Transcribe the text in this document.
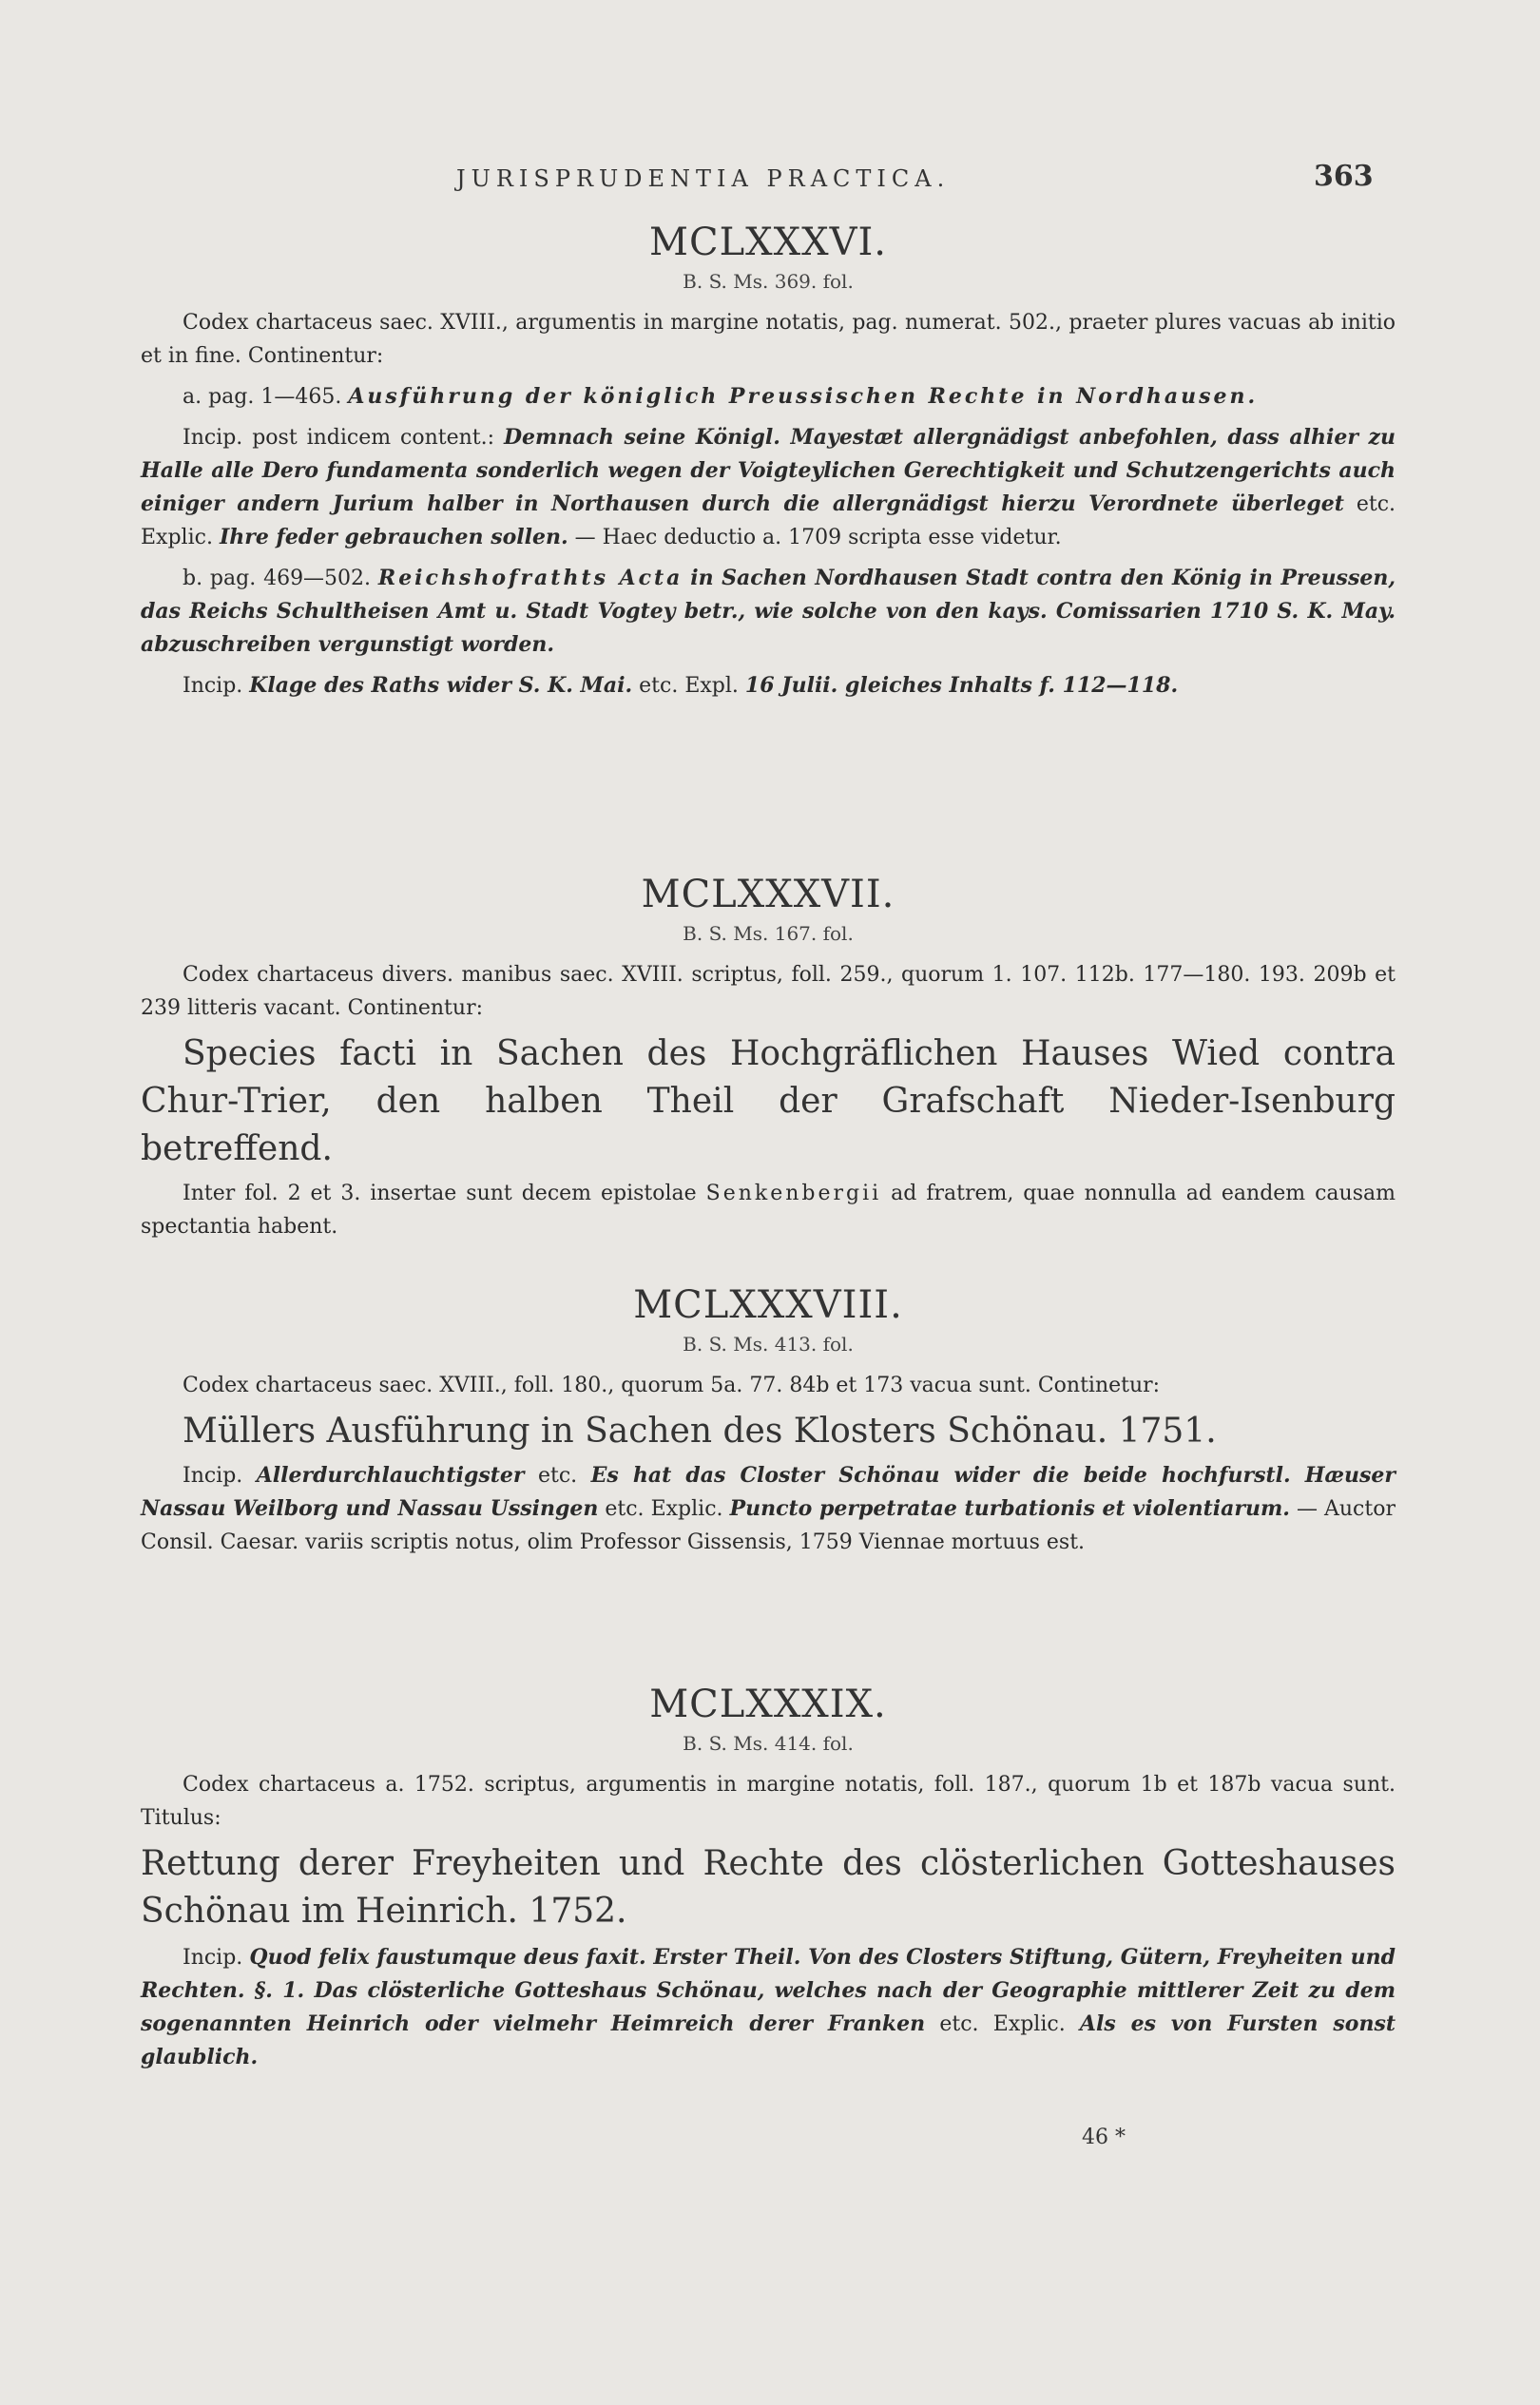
JURISPRUDENTIA PRACTICA.	363
MCLXXXVI.
B. S. Ms. 369. fol.

Codex chartaceus saec. XVIII., argumentis in margine notatis, pag. numerat. 502., praeter plures vacuas ab initio et in fine. Continentur:

a. pag. 1—465. Ausführung der königlich Preussischen Rechte in Nordhausen.

Incip. post indicem content.: Demnach seine Königl. Mayestæt allergnädigst anbefohlen, dass alhier zu Halle alle Dero fundamenta sonderlich wegen der Voigteylichen Gerechtigkeit und Schutzengerichts auch einiger andern Jurium halber in Northausen durch die allergnädigst hierzu Verordnete überleget etc. Explic. Ihre feder gebrauchen sollen. — Haec deductio a. 1709 scripta esse videtur.

b. pag. 469—502. Reichshofrathts Acta in Sachen Nordhausen Stadt contra den König in Preussen, das Reichs Schultheisen Amt u. Stadt Vogtey betr., wie solche von den kays. Comissarien 1710 S. K. May. abzuschreiben vergunstigt worden.

Incip. Klage des Raths wider S. K. Mai. etc. Expl. 16 Julii. gleiches Inhalts f. 112—118.

MCLXXXVII.
B. S. Ms. 167. fol.

Codex chartaceus divers. manibus saec. XVIII. scriptus, foll. 259., quorum 1. 107. 112b. 177—180. 193. 209b et 239 litteris vacant. Continentur:

Species facti in Sachen des Hochgräflichen Hauses Wied contra Chur-Trier, den halben Theil der Grafschaft Nieder-Isenburg betreffend.

Inter fol. 2 et 3. insertae sunt decem epistolae Senkenbergii ad fratrem, quae nonnulla ad eandem causam spectantia habent.

MCLXXXVIII.
B. S. Ms. 413. fol.

Codex chartaceus saec. XVIII., foll. 180., quorum 5a. 77. 84b et 173 vacua sunt. Continetur:

Müllers Ausführung in Sachen des Klosters Schönau. 1751.

Incip. Allerdurchlauchtigster etc. Es hat das Closter Schönau wider die beide hochfurstl. Hæuser Nassau Weilborg und Nassau Ussingen etc. Explic. Puncto perpetratae turbationis et violentiarum. — Auctor Consil. Caesar. variis scriptis notus, olim Professor Gissensis, 1759 Viennae mortuus est.

MCLXXXIX.
B. S. Ms. 414. fol.

Codex chartaceus a. 1752. scriptus, argumentis in margine notatis, foll. 187., quorum 1b et 187b vacua sunt. Titulus:

Rettung derer Freyheiten und Rechte des clösterlichen Gotteshauses Schönau im Heinrich. 1752.

Incip. Quod felix faustumque deus faxit. Erster Theil. Von des Closters Stiftung, Gütern, Freyheiten und Rechten. §. 1. Das clösterliche Gotteshaus Schönau, welches nach der Geographie mittlerer Zeit zu dem sogenannten Heinrich oder vielmehr Heimreich derer Franken etc. Explic. Als es von Fursten sonst glaublich.

46 *
